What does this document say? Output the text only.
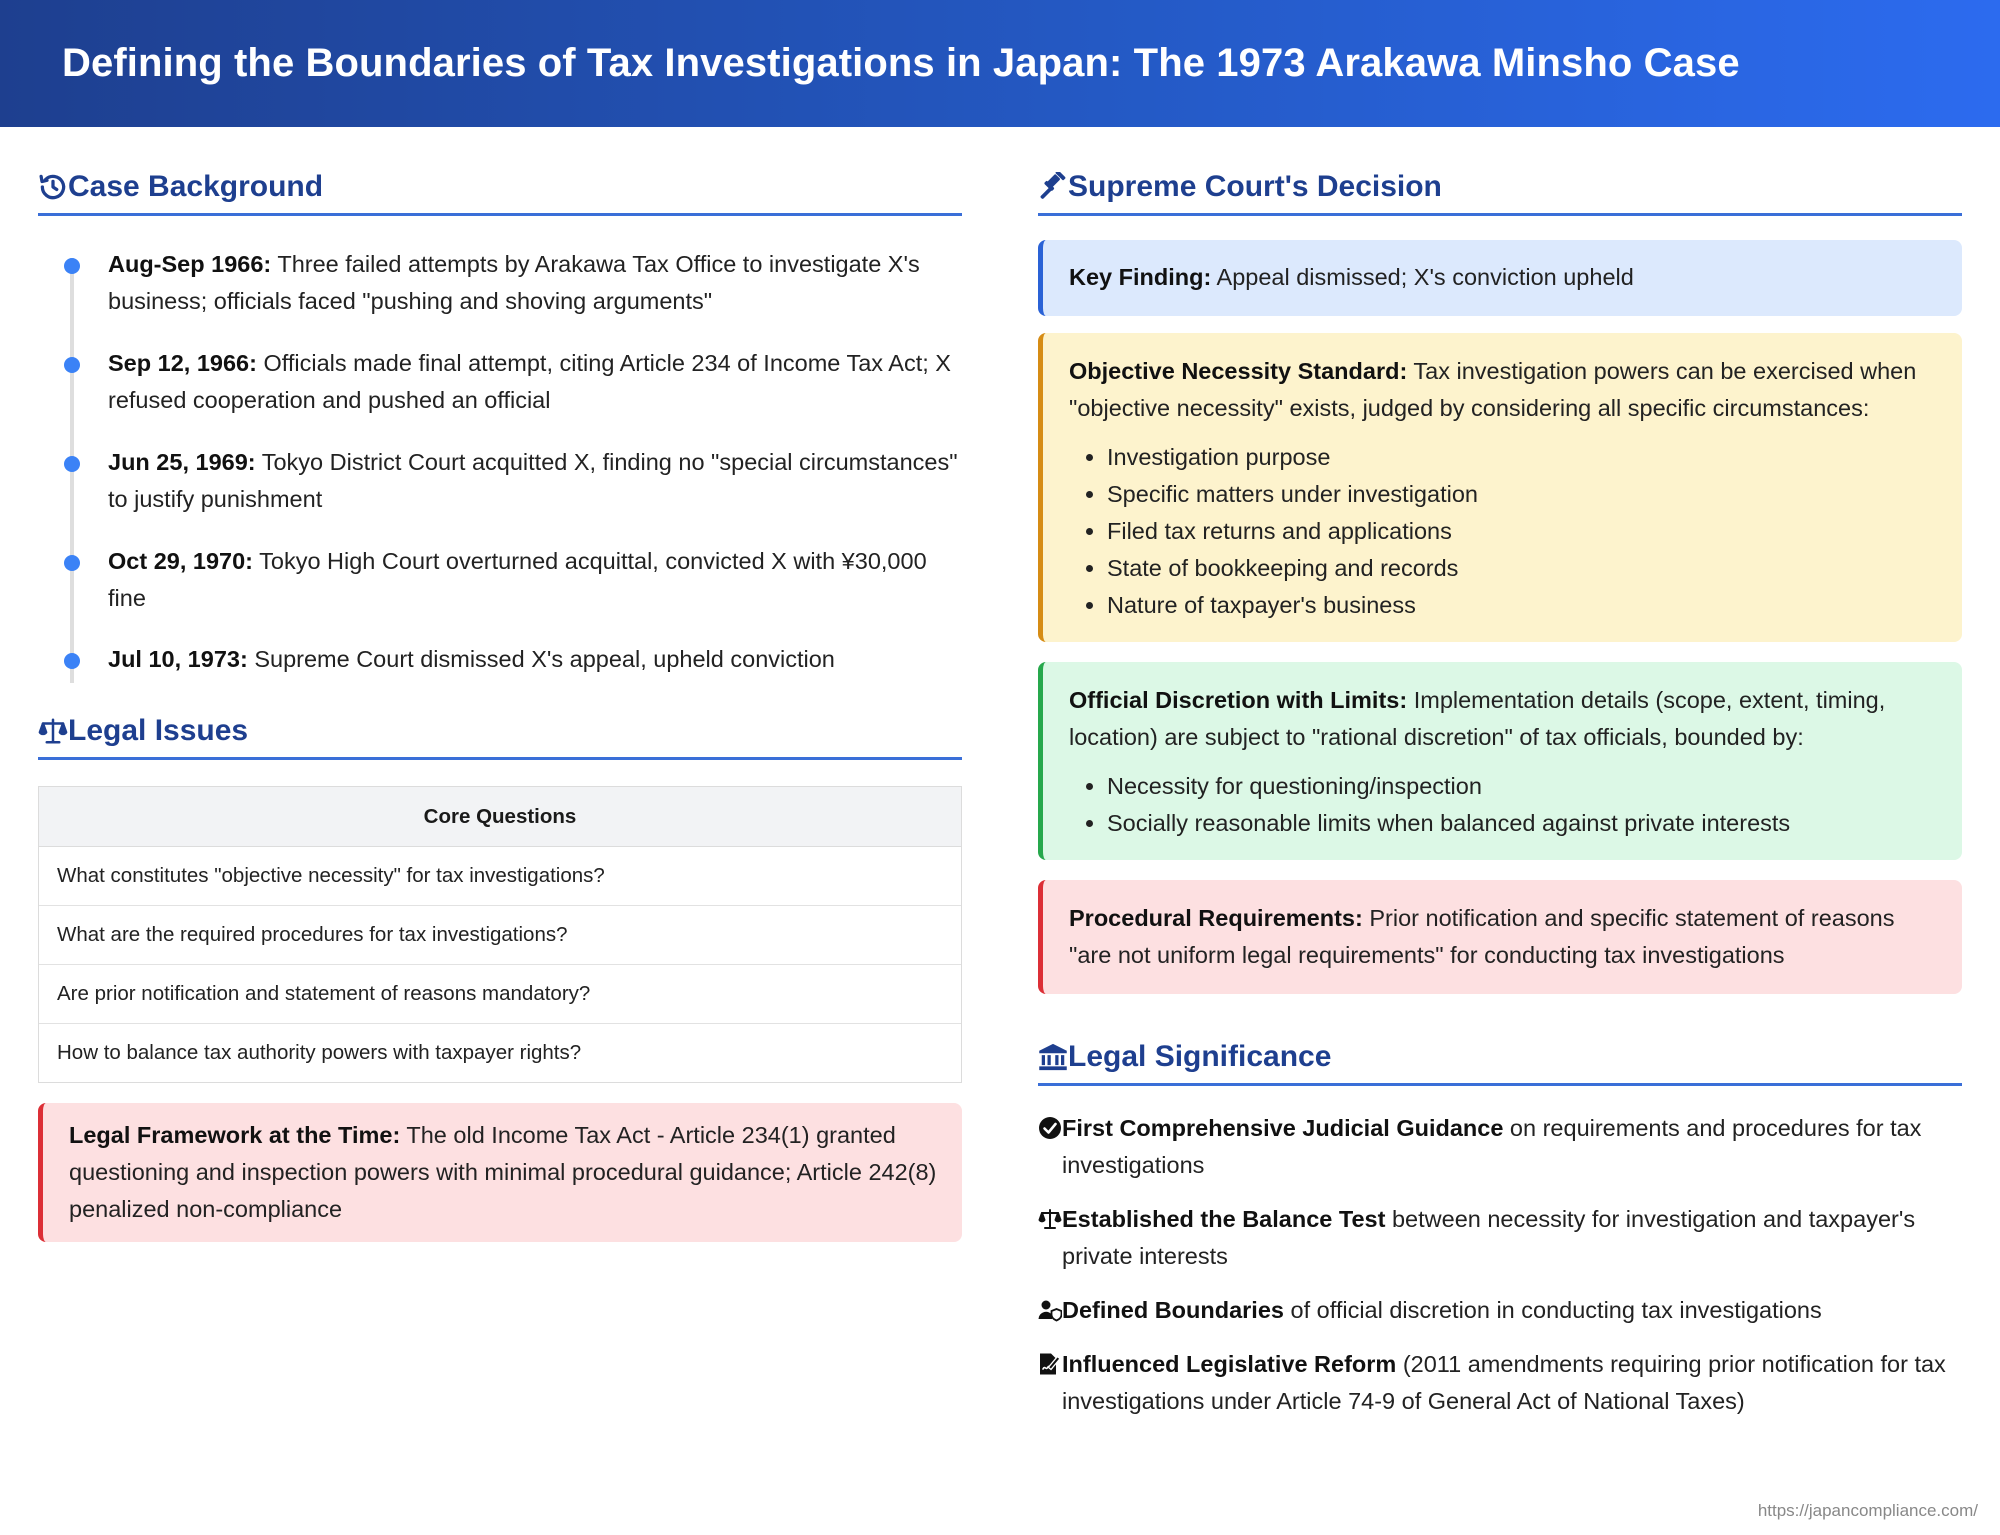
Defining the Boundaries of Tax Investigations in Japan: The 1973 Arakawa Minsho Case
Case Background
Aug-Sep 1966: Three failed attempts by Arakawa Tax Office to investigate X's business; officials faced "pushing and shoving arguments"
Sep 12, 1966: Officials made final attempt, citing Article 234 of Income Tax Act; X refused cooperation and pushed an official
Jun 25, 1969: Tokyo District Court acquitted X, finding no "special circumstances" to justify punishment
Oct 29, 1970: Tokyo High Court overturned acquittal, convicted X with ¥30,000 fine
Jul 10, 1973: Supreme Court dismissed X's appeal, upheld conviction
Legal Issues
Core Questions
What constitutes "objective necessity" for tax investigations?
What are the required procedures for tax investigations?
Are prior notification and statement of reasons mandatory?
How to balance tax authority powers with taxpayer rights?
Legal Framework at the Time: The old Income Tax Act - Article 234(1) granted questioning and inspection powers with minimal procedural guidance; Article 242(8) penalized non-compliance
Supreme Court's Decision
Key Finding: Appeal dismissed; X's conviction upheld
Objective Necessity Standard: Tax investigation powers can be exercised when "objective necessity" exists, judged by considering all specific circumstances:
• Investigation purpose
• Specific matters under investigation
• Filed tax returns and applications
• State of bookkeeping and records
• Nature of taxpayer's business
Official Discretion with Limits: Implementation details (scope, extent, timing, location) are subject to "rational discretion" of tax officials, bounded by:
• Necessity for questioning/inspection
• Socially reasonable limits when balanced against private interests
Procedural Requirements: Prior notification and specific statement of reasons "are not uniform legal requirements" for conducting tax investigations
Legal Significance
First Comprehensive Judicial Guidance on requirements and procedures for tax investigations
Established the Balance Test between necessity for investigation and taxpayer's private interests
Defined Boundaries of official discretion in conducting tax investigations
Influenced Legislative Reform (2011 amendments requiring prior notification for tax investigations under Article 74-9 of General Act of National Taxes)
https://japancompliance.com/
